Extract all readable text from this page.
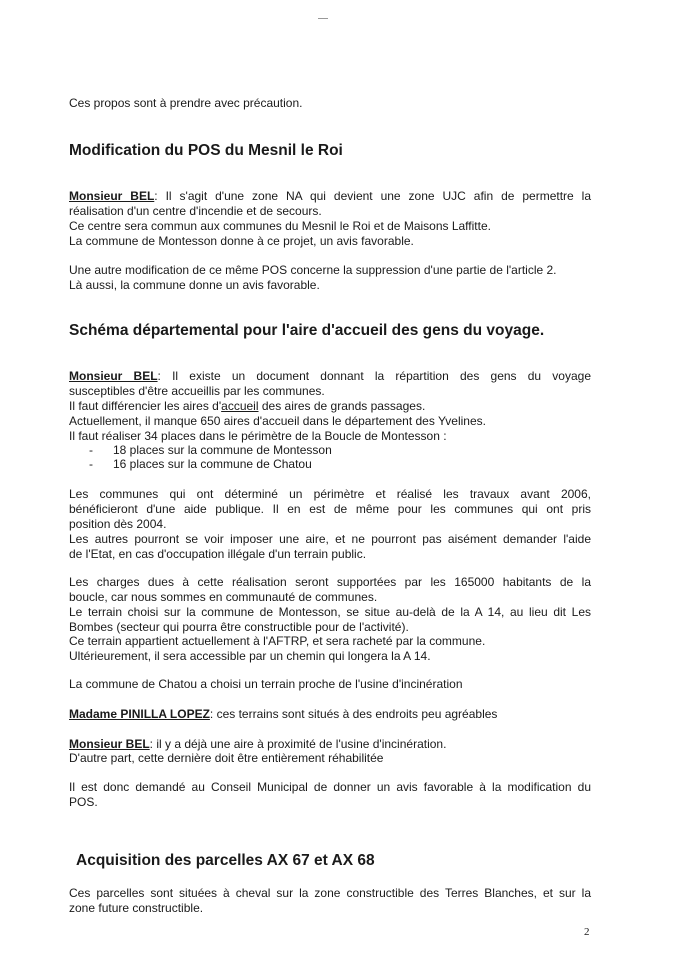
Ces propos sont à prendre avec précaution.
Modification du POS du Mesnil le Roi
Monsieur BEL: Il s'agit d'une zone NA qui devient une zone UJC afin de permettre la
réalisation d'un centre d'incendie et de secours.
Ce centre sera commun aux communes du Mesnil le Roi et de Maisons Laffitte.
La commune de Montesson donne à ce projet, un avis favorable.
Une autre modification de ce même POS concerne la suppression d'une partie de l'article 2.
Là aussi, la commune donne un avis favorable.
Schéma départemental pour l'aire d'accueil des gens du voyage.
Monsieur BEL: Il existe un document donnant la répartition des gens du voyage
susceptibles d'être accueillis par les communes.
Il faut différencier les aires d'accueil des aires de grands passages.
Actuellement, il manque 650 aires d'accueil dans le département des Yvelines.
Il faut réaliser 34 places dans le périmètre de la Boucle de Montesson :
- 18 places sur la commune de Montesson
- 16 places sur la commune de Chatou
Les communes qui ont déterminé un périmètre et réalisé les travaux avant 2006,
bénéficieront d'une aide publique. Il en est de même pour les communes qui ont pris
position dès 2004.
Les autres pourront se voir imposer une aire, et ne pourront pas aisément demander l'aide
de l'Etat, en cas d'occupation illégale d'un terrain public.
Les charges dues à cette réalisation seront supportées par les 165000 habitants de la
boucle, car nous sommes en communauté de communes.
Le terrain choisi sur la commune de Montesson, se situe au-delà de la A 14, au lieu dit Les
Bombes (secteur qui pourra être constructible pour de l'activité).
Ce terrain appartient actuellement à l'AFTRP, et sera racheté par la commune.
Ultérieurement, il sera accessible par un chemin qui longera la A 14.
La commune de Chatou a choisi un terrain proche de l'usine d'incinération
Madame PINILLA LOPEZ: ces terrains sont situés à des endroits peu agréables
Monsieur BEL: il y a déjà une aire à proximité de l'usine d'incinération.
D'autre part, cette dernière doit être entièrement réhabilitée
Il est donc demandé au Conseil Municipal de donner un avis favorable à la modification du
POS.
Acquisition des parcelles AX 67 et AX 68
Ces parcelles sont situées à cheval sur la zone constructible des Terres Blanches, et sur la
zone future constructible.
2
